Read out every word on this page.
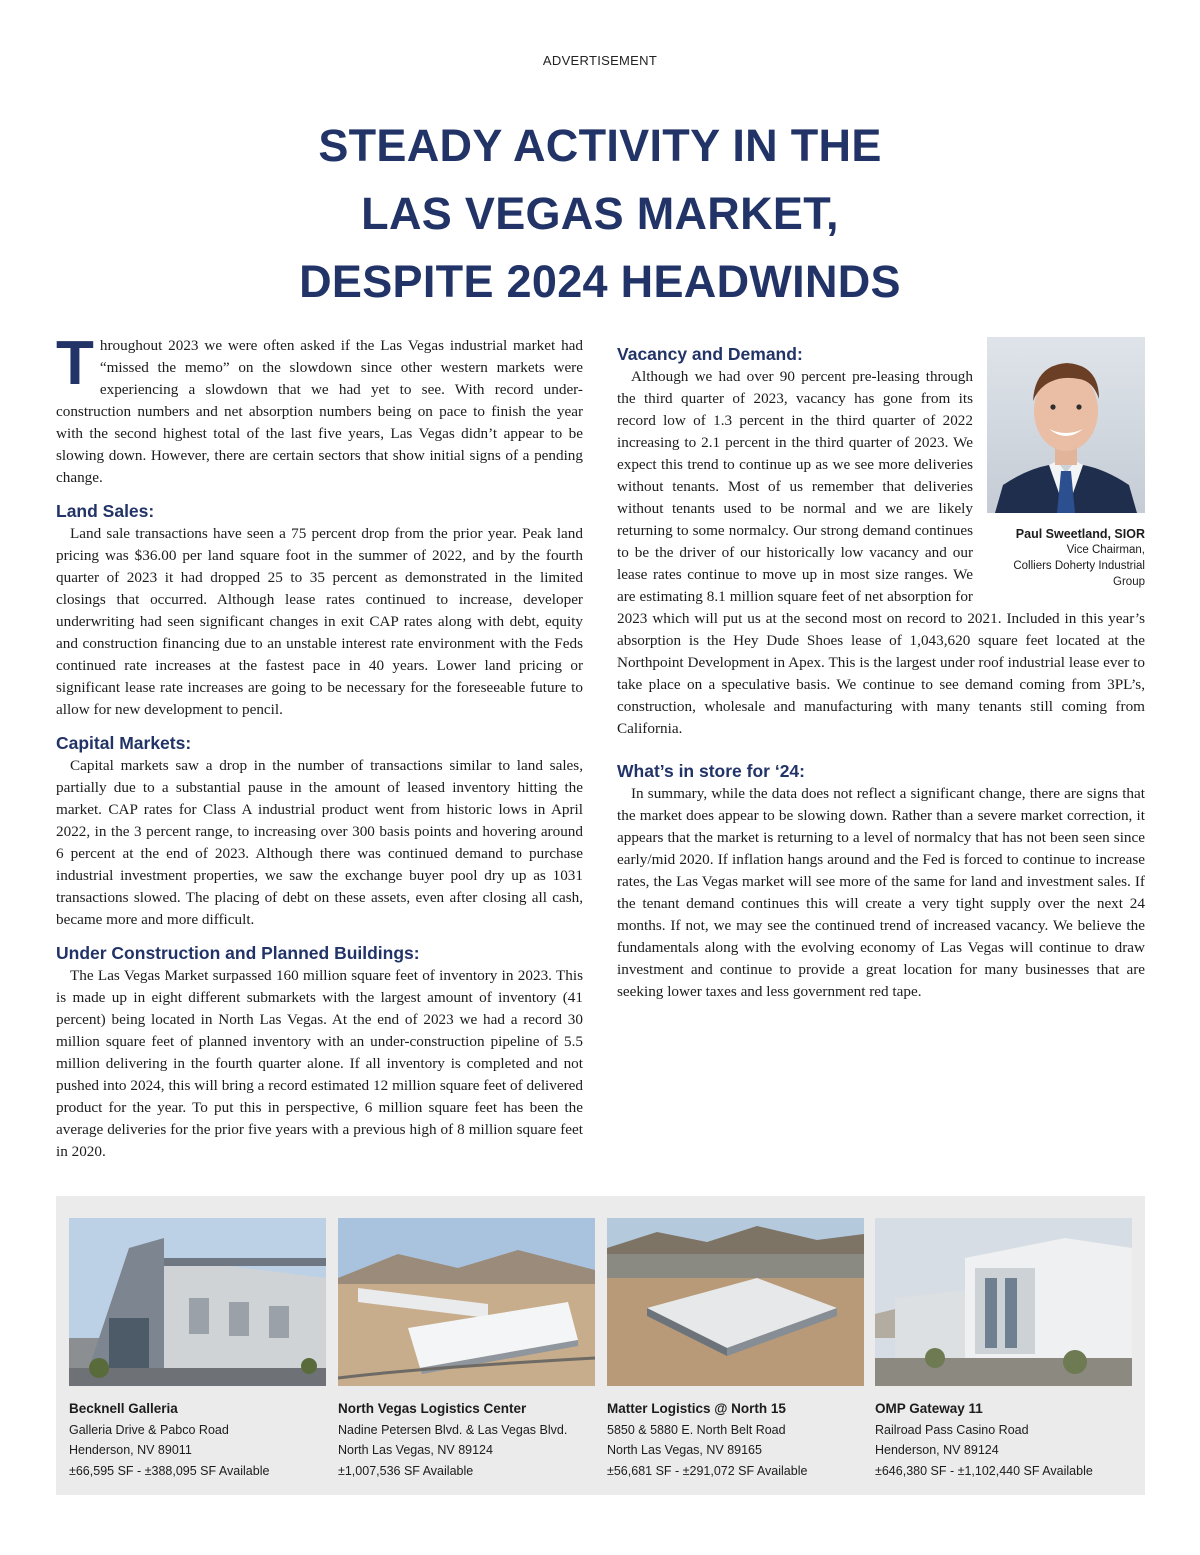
ADVERTISEMENT
STEADY ACTIVITY IN THE
LAS VEGAS MARKET,
DESPITE 2024 HEADWINDS

Throughout 2023 we were often asked if the Las Vegas industrial market had “missed the memo” on the slowdown since other western markets were experiencing a slowdown that we had yet to see. With record under-construction numbers and net absorption numbers being on pace to finish the year with the second highest total of the last five years, Las Vegas didn’t appear to be slowing down. However, there are certain sectors that show initial signs of a pending change.

Land Sales:

Land sale transactions have seen a 75 percent drop from the prior year. Peak land pricing was $36.00 per land square foot in the summer of 2022, and by the fourth quarter of 2023 it had dropped 25 to 35 percent as demonstrated in the limited closings that occurred. Although lease rates continued to increase, developer underwriting had seen significant changes in exit CAP rates along with debt, equity and construction financing due to an unstable interest rate environment with the Feds continued rate increases at the fastest pace in 40 years. Lower land pricing or significant lease rate increases are going to be necessary for the foreseeable future to allow for new development to pencil.

Capital Markets:

Capital markets saw a drop in the number of transactions similar to land sales, partially due to a substantial pause in the amount of leased inventory hitting the market. CAP rates for Class A industrial product went from historic lows in April 2022, in the 3 percent range, to increasing over 300 basis points and hovering around 6 percent at the end of 2023. Although there was continued demand to purchase industrial investment properties, we saw the exchange buyer pool dry up as 1031 transactions slowed. The placing of debt on these assets, even after closing all cash, became more and more difficult.

Under Construction and Planned Buildings:

The Las Vegas Market surpassed 160 million square feet of inventory in 2023. This is made up in eight different submarkets with the largest amount of inventory (41 percent) being located in North Las Vegas. At the end of 2023 we had a record 30 million square feet of planned inventory with an under-construction pipeline of 5.5 million delivering in the fourth quarter alone. If all inventory is completed and not pushed into 2024, this will bring a record estimated 12 million square feet of delivered product for the year. To put this in perspective, 6 million square feet has been the average deliveries for the prior five years with a previous high of 8 million square feet in 2020.

Paul Sweetland, SIOR
Vice Chairman,
Colliers Doherty Industrial
Group
Vacancy and Demand:

Although we had over 90 percent pre-leasing through the third quarter of 2023, vacancy has gone from its record low of 1.3 percent in the third quarter of 2022 increasing to 2.1 percent in the third quarter of 2023. We expect this trend to continue up as we see more deliveries without tenants. Most of us remember that deliveries without tenants used to be normal and we are likely returning to some normalcy. Our strong demand continues to be the driver of our historically low vacancy and our lease rates continue to move up in most size ranges. We are estimating 8.1 million square feet of net absorption for 2023 which will put us at the second most on record to 2021. Included in this year’s absorption is the Hey Dude Shoes lease of 1,043,620 square feet located at the Northpoint Development in Apex. This is the largest under roof industrial lease ever to take place on a speculative basis. We continue to see demand coming from 3PL’s, construction, wholesale and manufacturing with many tenants still coming from California.

What’s in store for ‘24:

In summary, while the data does not reflect a significant change, there are signs that the market does appear to be slowing down. Rather than a severe market correction, it appears that the market is returning to a level of normalcy that has not been seen since early/mid 2020. If inflation hangs around and the Fed is forced to continue to increase rates, the Las Vegas market will see more of the same for land and investment sales. If the tenant demand continues this will create a very tight supply over the next 24 months. If not, we may see the continued trend of increased vacancy. We believe the fundamentals along with the evolving economy of Las Vegas will continue to draw investment and continue to provide a great location for many businesses that are seeking lower taxes and less government red tape.

Becknell Galleria
Galleria Drive & Pabco Road
Henderson, NV 89011
±66,595 SF - ±388,095 SF Available
North Vegas Logistics Center
Nadine Petersen Blvd. & Las Vegas Blvd.
North Las Vegas, NV 89124
±1,007,536 SF Available
Matter Logistics @ North 15
5850 & 5880 E. North Belt Road
North Las Vegas, NV 89165
±56,681 SF - ±291,072 SF Available
OMP Gateway 11
Railroad Pass Casino Road
Henderson, NV 89124
±646,380 SF - ±1,102,440 SF Available
